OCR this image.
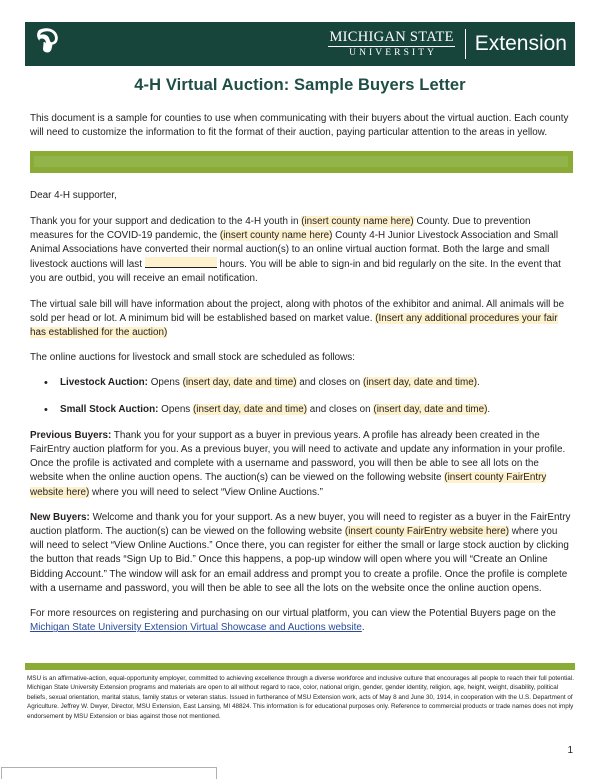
MICHIGAN STATE
UNIVERSITY	Extension
4-H Virtual Auction: Sample Buyers Letter

This document is a sample for counties to use when communicating with their buyers about the virtual auction. Each county will need to customize the information to fit the format of their auction, paying particular attention to the areas in yellow.

Dear 4-H supporter,

Thank you for your support and dedication to the 4-H youth in (insert county name here) County. Due to prevention measures for the COVID-19 pandemic, the (insert county name here) County 4-H Junior Livestock Association and Small Animal Associations have converted their normal auction(s) to an online virtual auction format. Both the large and small livestock auctions will last	hours. You will be able to sign-in and bid regularly on the site. In the event that you are outbid, you will receive an email notification.

The virtual sale bill will have information about the project, along with photos of the exhibitor and animal. All animals will be sold per head or lot. A minimum bid will be established based on market value. (Insert any additional procedures your fair has established for the auction)

The online auctions for livestock and small stock are scheduled as follows:

• Livestock Auction: Opens (insert day, date and time) and closes on (insert day, date and time).
• Small Stock Auction: Opens (insert day, date and time) and closes on (insert day, date and time).

Previous Buyers: Thank you for your support as a buyer in previous years. A profile has already been created in the FairEntry auction platform for you. As a previous buyer, you will need to activate and update any information in your profile. Once the profile is activated and complete with a username and password, you will then be able to see all lots on the website when the online auction opens. The auction(s) can be viewed on the following website (insert county FairEntry website here) where you will need to select “View Online Auctions.”

New Buyers: Welcome and thank you for your support. As a new buyer, you will need to register as a buyer in the FairEntry auction platform. The auction(s) can be viewed on the following website (insert county FairEntry website here) where you will need to select “View Online Auctions.” Once there, you can register for either the small or large stock auction by clicking the button that reads “Sign Up to Bid.” Once this happens, a pop-up window will open where you will “Create an Online Bidding Account.” The window will ask for an email address and prompt you to create a profile. Once the profile is complete with a username and password, you will then be able to see all the lots on the website once the online auction opens.

For more resources on registering and purchasing on our virtual platform, you can view the Potential Buyers page on the Michigan State University Extension Virtual Showcase and Auctions website.

MSU is an affirmative-action, equal-opportunity employer, committed to achieving excellence through a diverse workforce and inclusive culture that encourages all people to reach their full potential. Michigan State University Extension programs and materials are open to all without regard to race, color, national origin, gender, gender identity, religion, age, height, weight, disability, political beliefs, sexual orientation, marital status, family status or veteran status. Issued in furtherance of MSU Extension work, acts of May 8 and June 30, 1914, in cooperation with the U.S. Department of Agriculture. Jeffrey W. Dwyer, Director, MSU Extension, East Lansing, MI 48824. This information is for educational purposes only. Reference to commercial products or trade names does not imply endorsement by MSU Extension or bias against those not mentioned.
1
